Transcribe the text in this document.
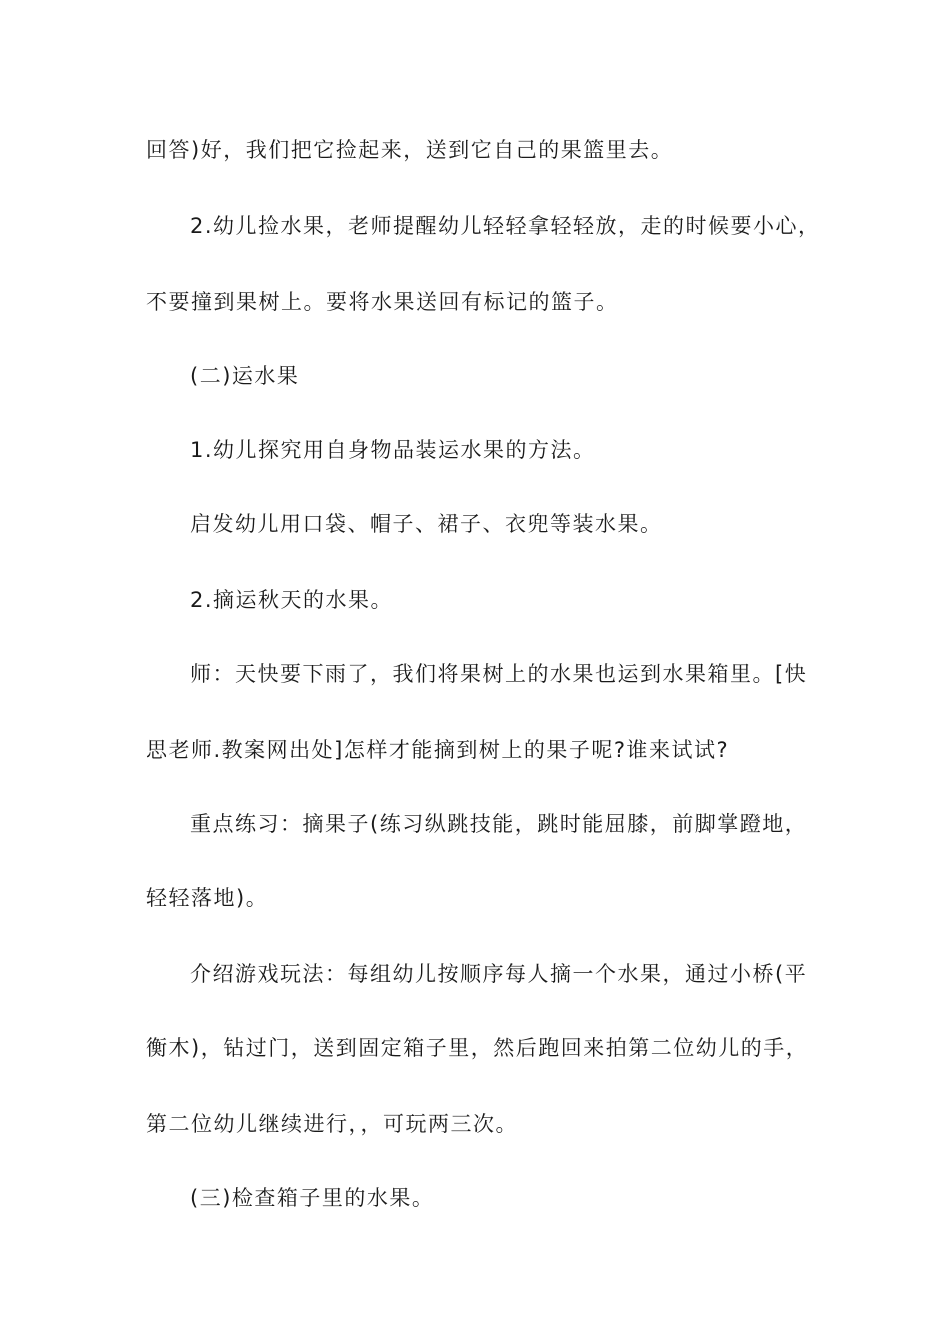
回答)好，我们把它捡起来，送到它自己的果篮里去。
2.幼儿捡水果，老师提醒幼儿轻轻拿轻轻放，走的时候要小心，
不要撞到果树上。要将水果送回有标记的篮子。
(二)运水果
1.幼儿探究用自身物品装运水果的方法。
启发幼儿用口袋、帽子、裙子、衣兜等装水果。
2.摘运秋天的水果。
师：天快要下雨了，我们将果树上的水果也运到水果箱里。[快
思老师.教案网出处]怎样才能摘到树上的果子呢?谁来试试?
重点练习：摘果子(练习纵跳技能，跳时能屈膝，前脚掌蹬地，
轻轻落地)。
介绍游戏玩法：每组幼儿按顺序每人摘一个水果，通过小桥(平
衡木)，钻过门，送到固定箱子里，然后跑回来拍第二位幼儿的手，
第二位幼儿继续进行，，可玩两三次。
(三)检查箱子里的水果。
